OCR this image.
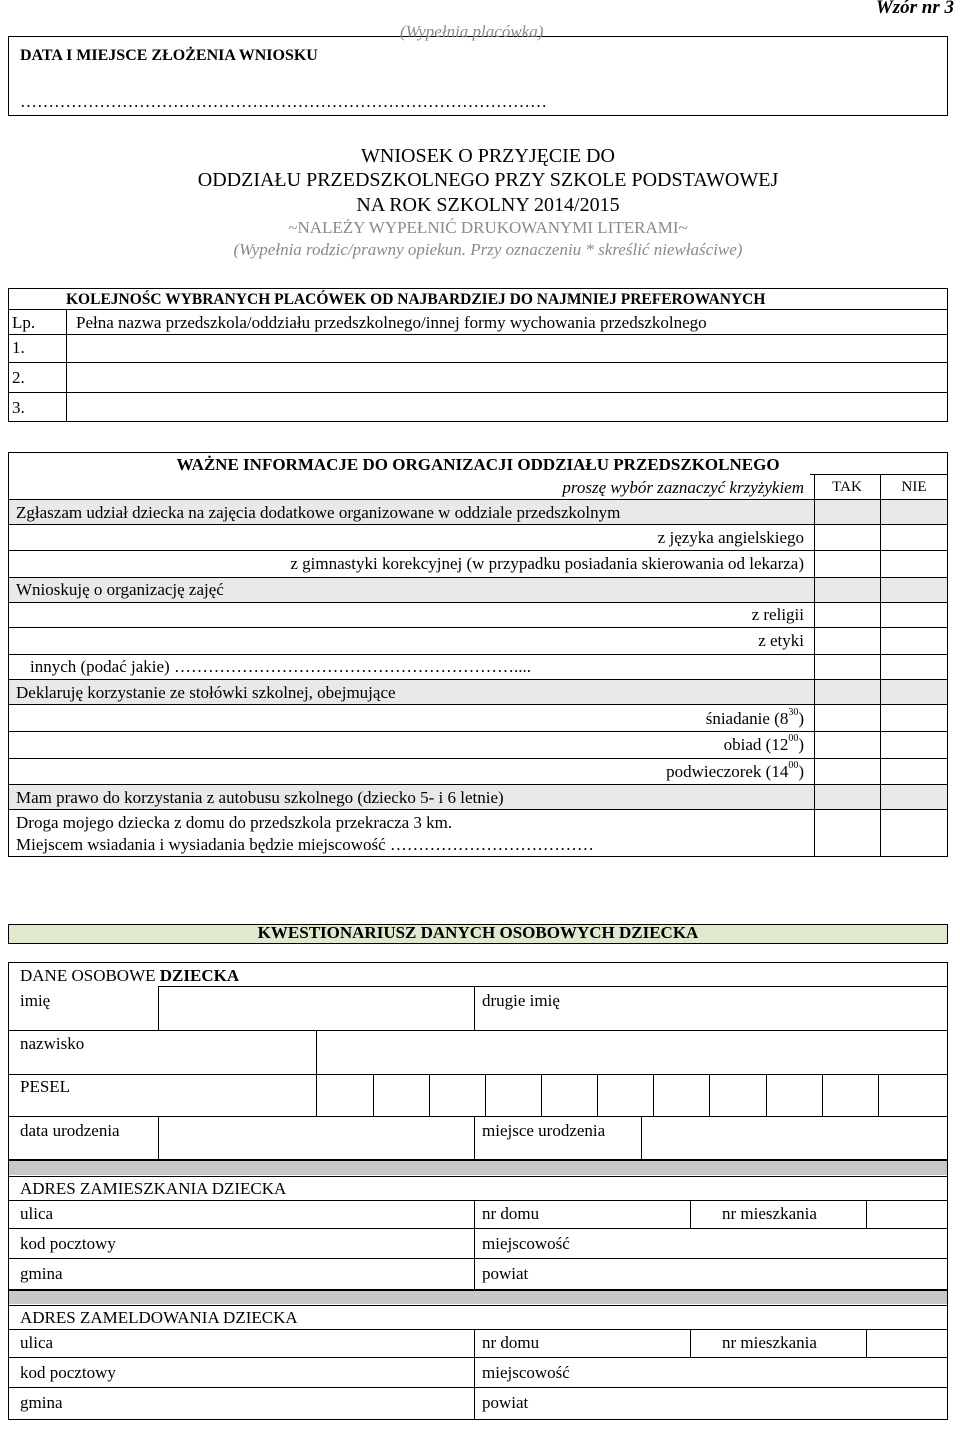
Wzór nr 3
(Wypełnia placówka)
DATA I MIEJSCE ZŁOŻENIA WNIOSKU
…………………………………………………………………………………
WNIOSEK O PRZYJĘCIE DO
ODDZIAŁU PRZEDSZKOLNEGO PRZY SZKOLE PODSTAWOWEJ
NA ROK SZKOLNY 2014/2015
~NALEŻY WYPEŁNIĆ DRUKOWANYMI LITERAMI~
(Wypełnia rodzic/prawny opiekun. Przy oznaczeniu * skreślić niewłaściwe)
KOLEJNOŚC WYBRANYCH PLACÓWEK OD NAJBARDZIEJ DO NAJMNIEJ PREFEROWANYCH
Lp. Pełna nazwa przedszkola/oddziału przedszkolnego/innej formy wychowania przedszkolnego
1.
2.
3.
WAŻNE INFORMACJE DO ORGANIZACJI ODDZIAŁU PRZEDSZKOLNEGO
proszę wybór zaznaczyć krzyżykiem	TAK	NIE
Zgłaszam udział dziecka na zajęcia dodatkowe organizowane w oddziale przedszkolnym
z języka angielskiego
z gimnastyki korekcyjnej (w przypadku posiadania skierowania od lekarza)
Wnioskuję o organizację zajęć
z religii
z etyki
innych (podać jakie) ……………………………………………………....
Deklaruję korzystanie ze stołówki szkolnej, obejmujące
śniadanie $(8^{30})$
obiad $(12^{00})$
podwieczorek $(14^{00})$
Mam prawo do korzystania z autobusu szkolnego (dziecko 5- i 6 letnie)
Droga mojego dziecka z domu do przedszkola przekracza 3 km.
Miejscem wsiadania i wysiadania będzie miejscowość ………………………………
KWESTIONARIUSZ DANYCH OSOBOWYCH DZIECKA
DANE OSOBOWE DZIECKA
imię	drugie imię
nazwisko
PESEL
data urodzenia	miejsce urodzenia
ADRES ZAMIESZKANIA DZIECKA
ulica	nr domu	nr mieszkania
kod pocztowy	miejscowość
gmina	powiat
ADRES ZAMELDOWANIA DZIECKA
ulica	nr domu	nr mieszkania
kod pocztowy	miejscowość
gmina	powiat
